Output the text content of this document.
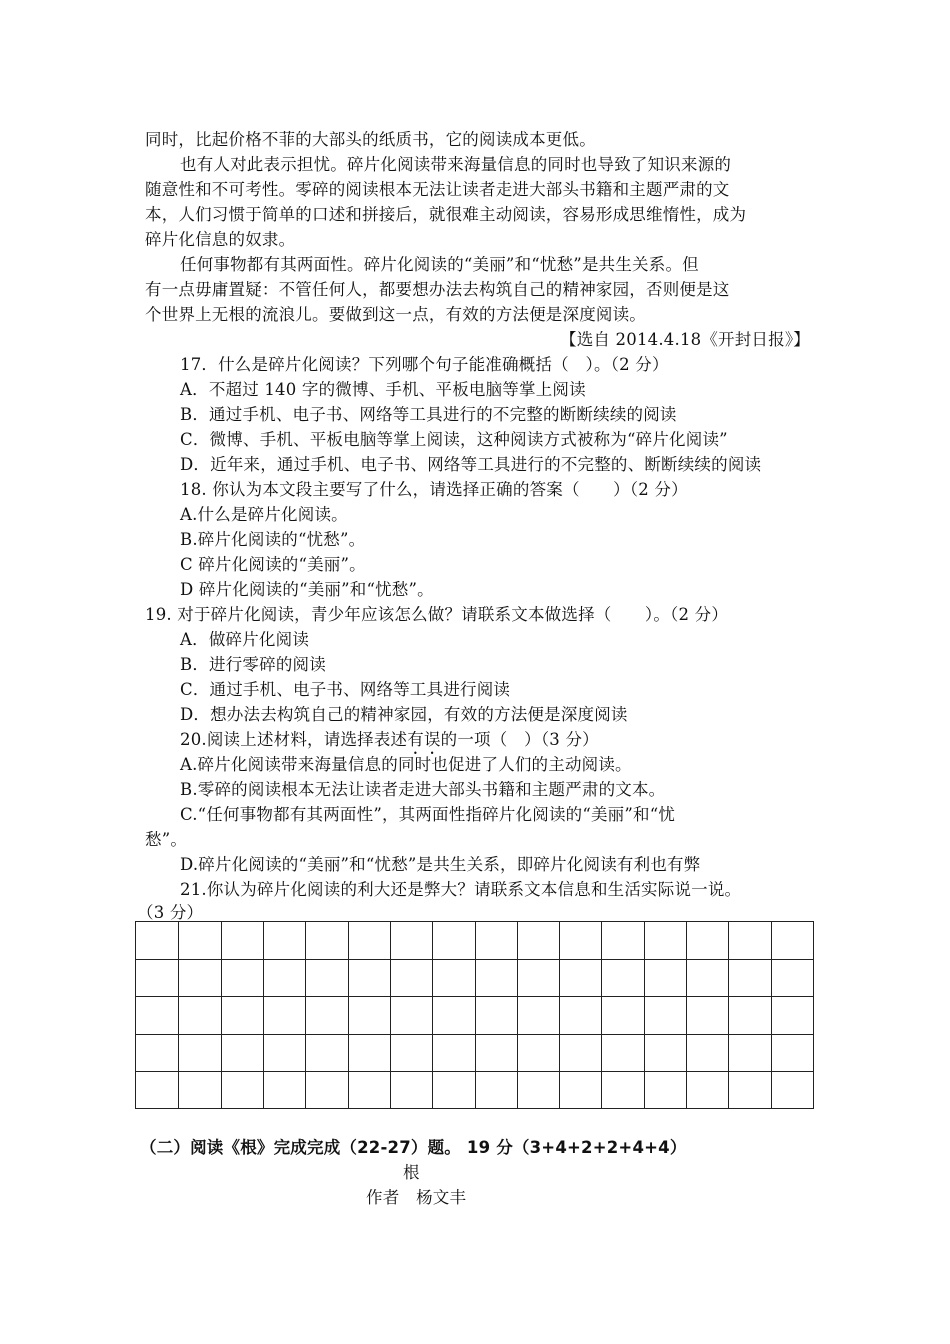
同时，比起价格不菲的大部头的纸质书，它的阅读成本更低。
也有人对此表示担忧。碎片化阅读带来海量信息的同时也导致了知识来源的
随意性和不可考性。零碎的阅读根本无法让读者走进大部头书籍和主题严肃的文
本，人们习惯于简单的口述和拼接后，就很难主动阅读，容易形成思维惰性，成为
碎片化信息的奴隶。
任何事物都有其两面性。碎片化阅读的“美丽”和“忧愁”是共生关系。但
有一点毋庸置疑：不管任何人，都要想办法去构筑自己的精神家园，否则便是这
个世界上无根的流浪儿。要做到这一点，有效的方法便是深度阅读。
【选自 2014.4.18《开封日报》】
17．什么是碎片化阅读？下列哪个句子能准确概括（　）。（2 分）
A．不超过 140 字的微博、手机、平板电脑等掌上阅读
B．通过手机、电子书、网络等工具进行的不完整的断断续续的阅读
C．微博、手机、平板电脑等掌上阅读，这种阅读方式被称为“碎片化阅读”
D．近年来，通过手机、电子书、网络等工具进行的不完整的、断断续续的阅读
18. 你认为本文段主要写了什么，请选择正确的答案（　　）（2 分）
A.什么是碎片化阅读。
B.碎片化阅读的“忧愁”。
C 碎片化阅读的“美丽”。
D 碎片化阅读的“美丽”和“忧愁”。
19. 对于碎片化阅读，青少年应该怎么做？请联系文本做选择（　　）。（2 分）
A．做碎片化阅读
B．进行零碎的阅读
C．通过手机、电子书、网络等工具进行阅读
D．想办法去构筑自己的精神家园，有效的方法便是深度阅读
20.阅读上述材料，请选择表述有误的一项（　）（3 分）
A.碎片化阅读带来海量信息的同时也促进了人们的主动阅读。
B.零碎的阅读根本无法让读者走进大部头书籍和主题严肃的文本。
C.“任何事物都有其两面性”，其两面性指碎片化阅读的“美丽”和“忧
愁”。
D.碎片化阅读的“美丽”和“忧愁”是共生关系，即碎片化阅读有利也有弊
21.你认为碎片化阅读的利大还是弊大？请联系文本信息和生活实际说一说。
（3 分）
（二）阅读《根》完成完成（22-27）题。 19 分（3+4+2+2+4+4）
根
作者　杨文丰
